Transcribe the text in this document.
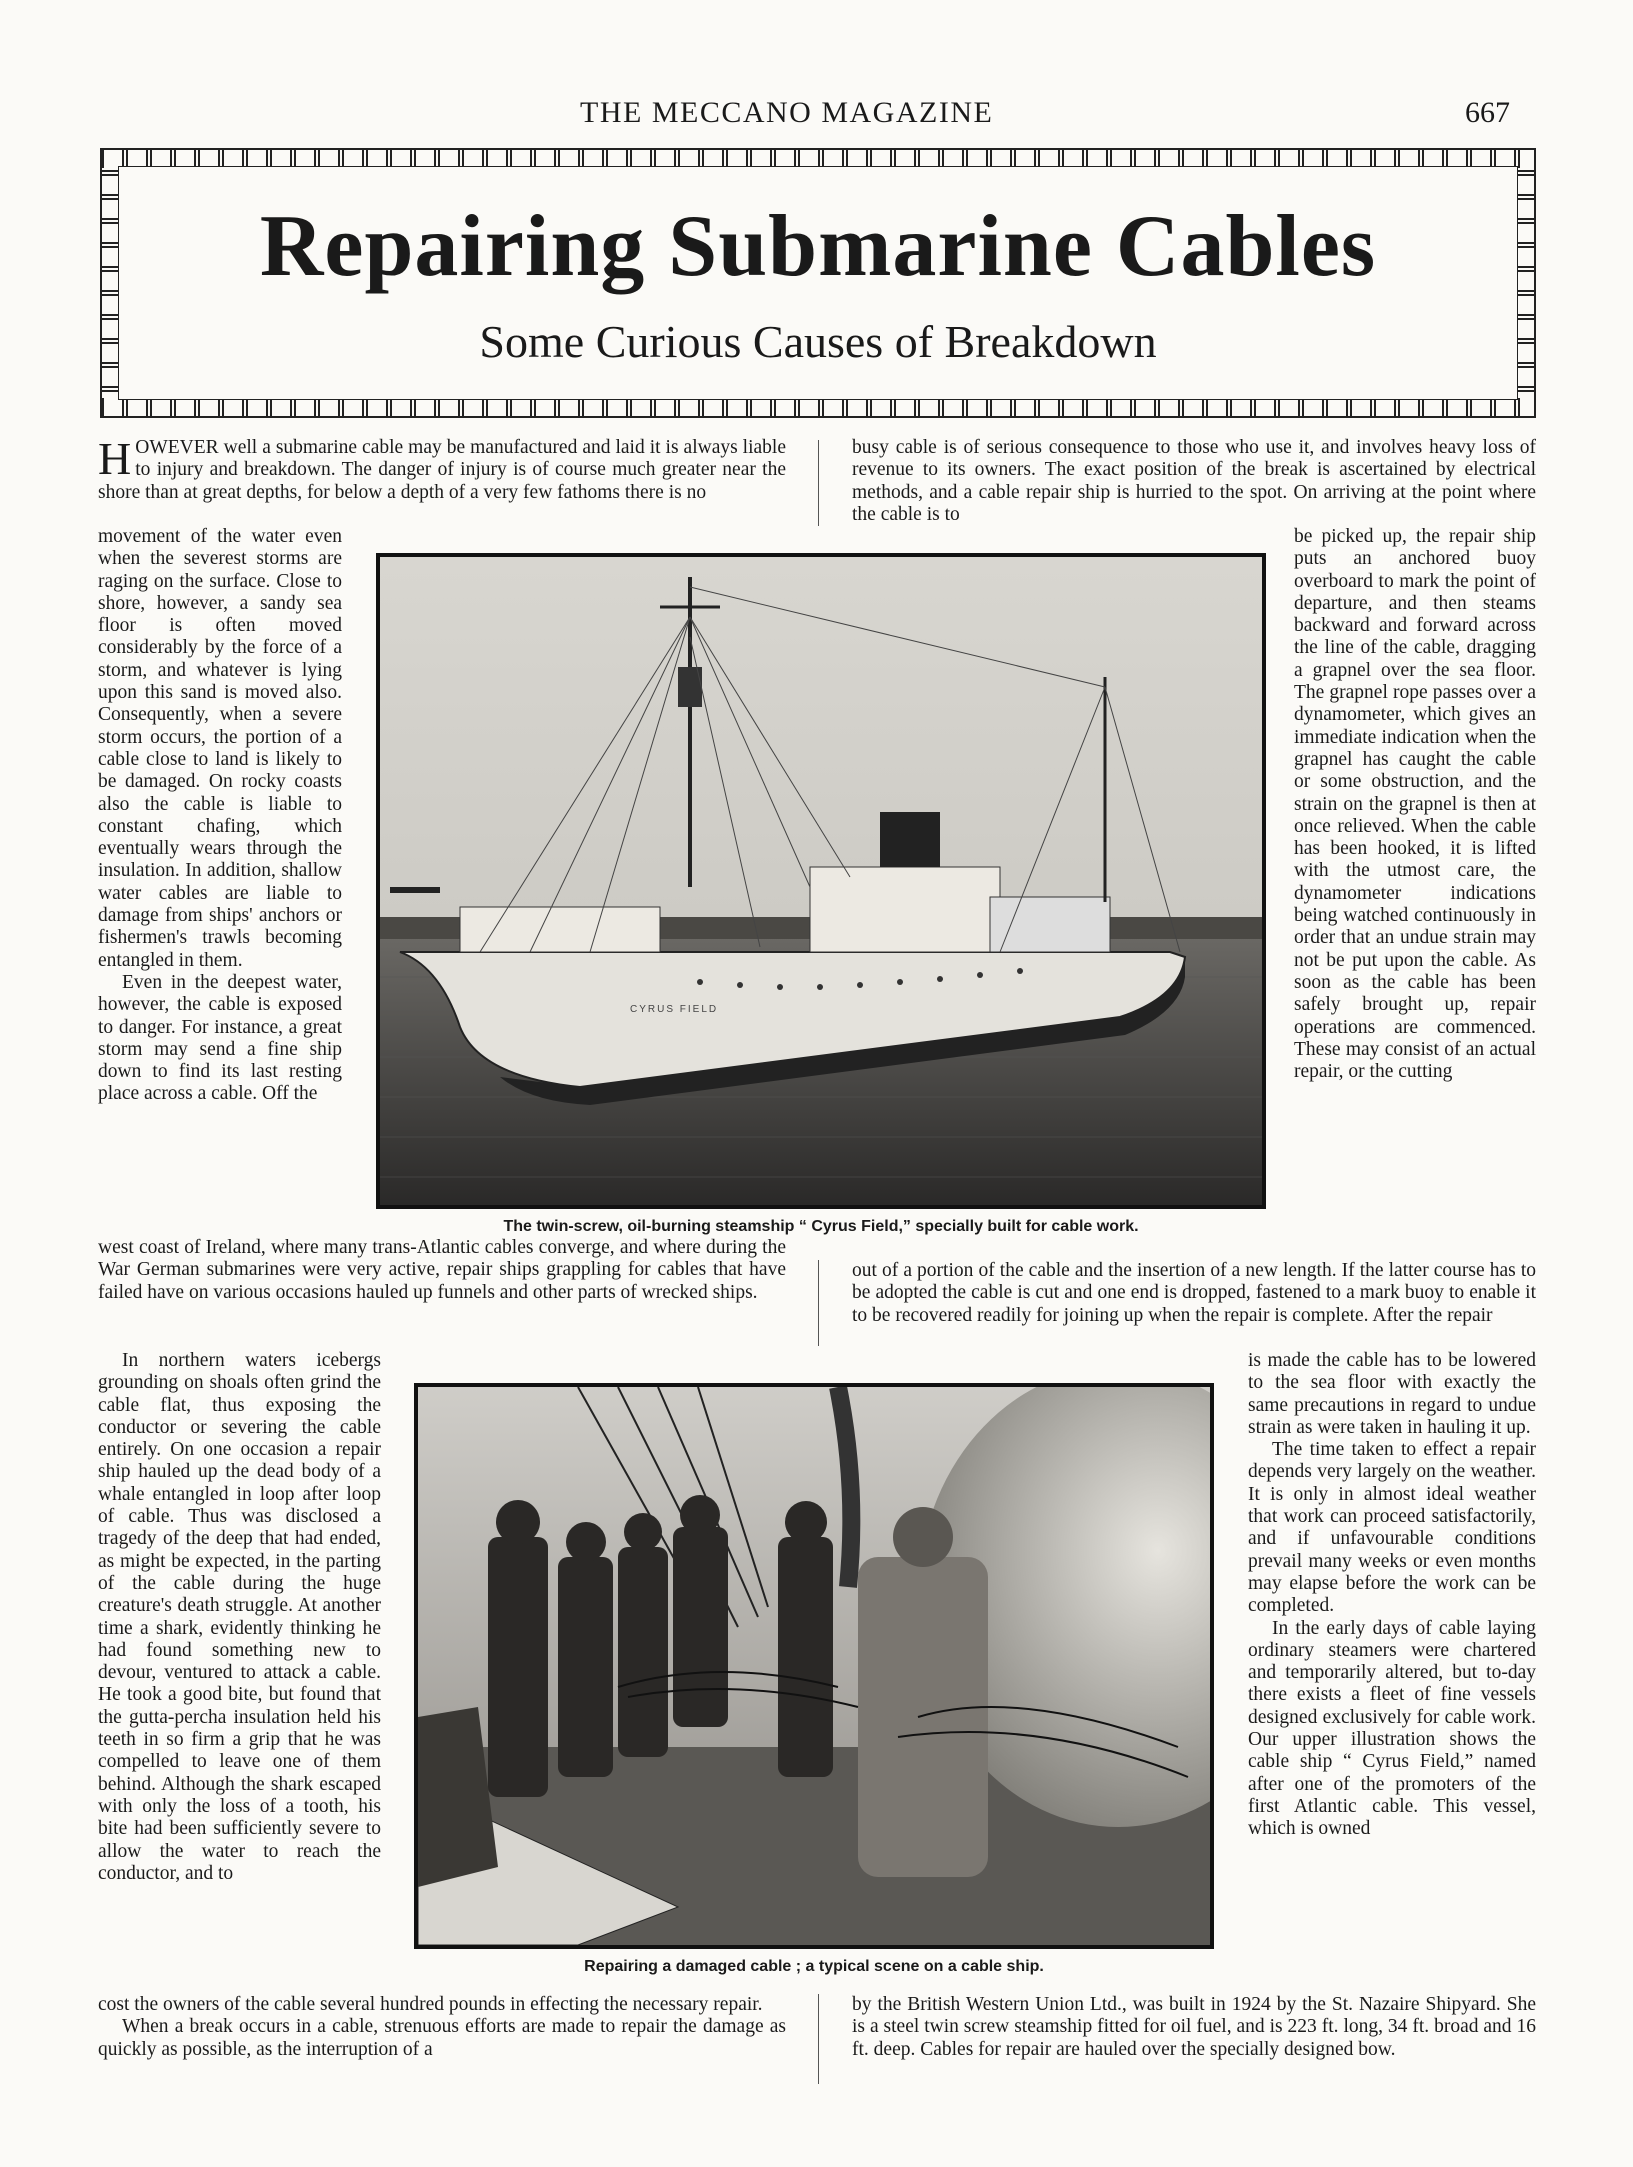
THE MECCANO MAGAZINE	667
Repairing Submarine Cables
Some Curious Causes of Breakdown

HOWEVER well a submarine cable may be manufactured and laid it is always liable to injury and breakdown. The danger of injury is of course much greater near the shore than at great depths, for below a depth of a very few fathoms there is no

movement of the water even when the severest storms are raging on the surface. Close to shore, however, a sandy sea floor is often moved considerably by the force of a storm, and whatever is lying upon this sand is moved also. Consequently, when a severe storm occurs, the portion of a cable close to land is likely to be damaged. On rocky coasts also the cable is liable to constant chafing, which eventually wears through the insulation. In addition, shallow water cables are liable to damage from ships' anchors or fishermen's trawls becoming entangled in them.

Even in the deepest water, however, the cable is exposed to danger. For instance, a great storm may send a fine ship down to find its last resting place across a cable. Off the

west coast of Ireland, where many trans-Atlantic cables converge, and where during the War German submarines were very active, repair ships grappling for cables that have failed have on various occasions hauled up funnels and other parts of wrecked ships.

In northern waters icebergs grounding on shoals often grind the cable flat, thus exposing the conductor or severing the cable entirely. On one occasion a repair ship hauled up the dead body of a whale entangled in loop after loop of cable. Thus was disclosed a tragedy of the deep that had ended, as might be expected, in the parting of the cable during the huge creature's death struggle. At another time a shark, evidently thinking he had found something new to devour, ventured to attack a cable. He took a good bite, but found that the gutta-percha insulation held his teeth in so firm a grip that he was compelled to leave one of them behind. Although the shark escaped with only the loss of a tooth, his bite had been sufficiently severe to allow the water to reach the conductor, and to

cost the owners of the cable several hundred pounds in effecting the necessary repair.

When a break occurs in a cable, strenuous efforts are made to repair the damage as quickly as possible, as the interruption of a

busy cable is of serious consequence to those who use it, and involves heavy loss of revenue to its owners. The exact position of the break is ascertained by electrical methods, and a cable repair ship is hurried to the spot. On arriving at the point where the cable is to

be picked up, the repair ship puts an anchored buoy overboard to mark the point of departure, and then steams backward and forward across the line of the cable, dragging a grapnel over the sea floor. The grapnel rope passes over a dynamometer, which gives an immediate indication when the grapnel has caught the cable or some obstruction, and the strain on the grapnel is then at once relieved. When the cable has been hooked, it is lifted with the utmost care, the dynamometer indications being watched continuously in order that an undue strain may not be put upon the cable. As soon as the cable has been safely brought up, repair operations are commenced. These may consist of an actual repair, or the cutting

out of a portion of the cable and the insertion of a new length. If the latter course has to be adopted the cable is cut and one end is dropped, fastened to a mark buoy to enable it to be recovered readily for joining up when the repair is complete. After the repair

is made the cable has to be lowered to the sea floor with exactly the same precautions in regard to undue strain as were taken in hauling it up.

The time taken to effect a repair depends very largely on the weather. It is only in almost ideal weather that work can proceed satisfactorily, and if unfavourable conditions prevail many weeks or even months may elapse before the work can be completed.

In the early days of cable laying ordinary steamers were chartered and temporarily altered, but to-day there exists a fleet of fine vessels designed exclusively for cable work. Our upper illustration shows the cable ship “ Cyrus Field,” named after one of the promoters of the first Atlantic cable. This vessel, which is owned

by the British Western Union Ltd., was built in 1924 by the St. Nazaire Shipyard. She is a steel twin screw steamship fitted for oil fuel, and is 223 ft. long, 34 ft. broad and 16 ft. deep. Cables for repair are hauled over the specially designed bow.

CYRUS FIELD
The twin-screw, oil-burning steamship “ Cyrus Field,” specially built for cable work.
Repairing a damaged cable ; a typical scene on a cable ship.
